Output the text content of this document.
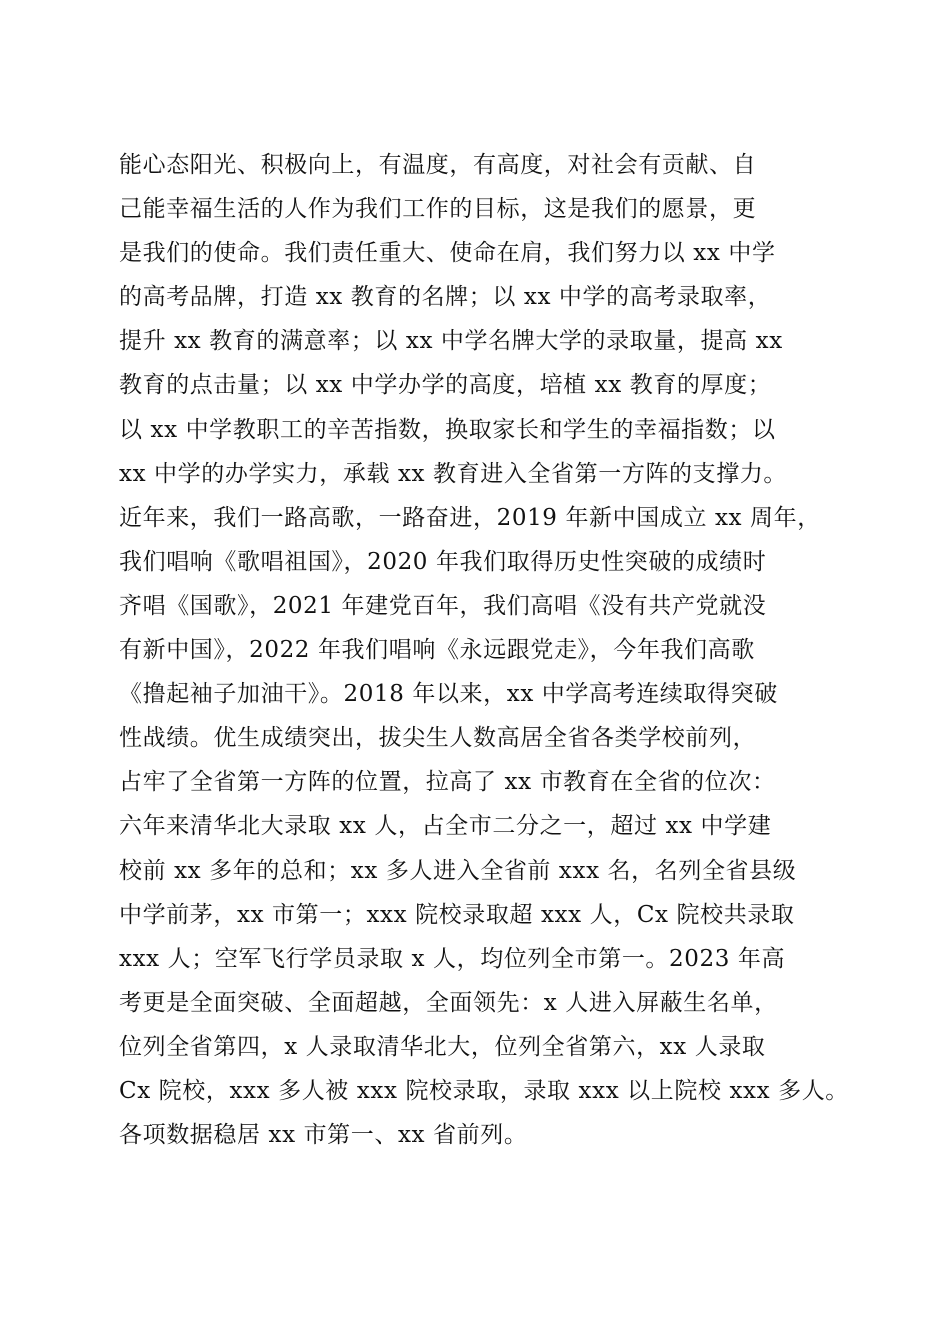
能心态阳光、积极向上，有温度，有高度，对社会有贡献、自
己能幸福生活的人作为我们工作的目标，这是我们的愿景，更
是我们的使命。我们责任重大、使命在肩，我们努力以 xx 中学
的高考品牌，打造 xx 教育的名牌；以 xx 中学的高考录取率，
提升 xx 教育的满意率；以 xx 中学名牌大学的录取量，提高 xx
教育的点击量；以 xx 中学办学的高度，培植 xx 教育的厚度；
以 xx 中学教职工的辛苦指数，换取家长和学生的幸福指数；以
xx 中学的办学实力，承载 xx 教育进入全省第一方阵的支撑力。
近年来，我们一路高歌，一路奋进，2019 年新中国成立 xx 周年，
我们唱响《歌唱祖国》，2020 年我们取得历史性突破的成绩时
齐唱《国歌》，2021 年建党百年，我们高唱《没有共产党就没
有新中国》，2022 年我们唱响《永远跟党走》，今年我们高歌
《撸起袖子加油干》。2018 年以来，xx 中学高考连续取得突破
性战绩。优生成绩突出，拔尖生人数高居全省各类学校前列，
占牢了全省第一方阵的位置，拉高了 xx 市教育在全省的位次：
六年来清华北大录取 xx 人，占全市二分之一，超过 xx 中学建
校前 xx 多年的总和；xx 多人进入全省前 xxx 名，名列全省县级
中学前茅，xx 市第一；xxx 院校录取超 xxx 人，Cx 院校共录取
xxx 人；空军飞行学员录取 x 人，均位列全市第一。2023 年高
考更是全面突破、全面超越，全面领先：x 人进入屏蔽生名单，
位列全省第四，x 人录取清华北大，位列全省第六，xx 人录取
Cx 院校，xxx 多人被 xxx 院校录取，录取 xxx 以上院校 xxx 多人。
各项数据稳居 xx 市第一、xx 省前列。
